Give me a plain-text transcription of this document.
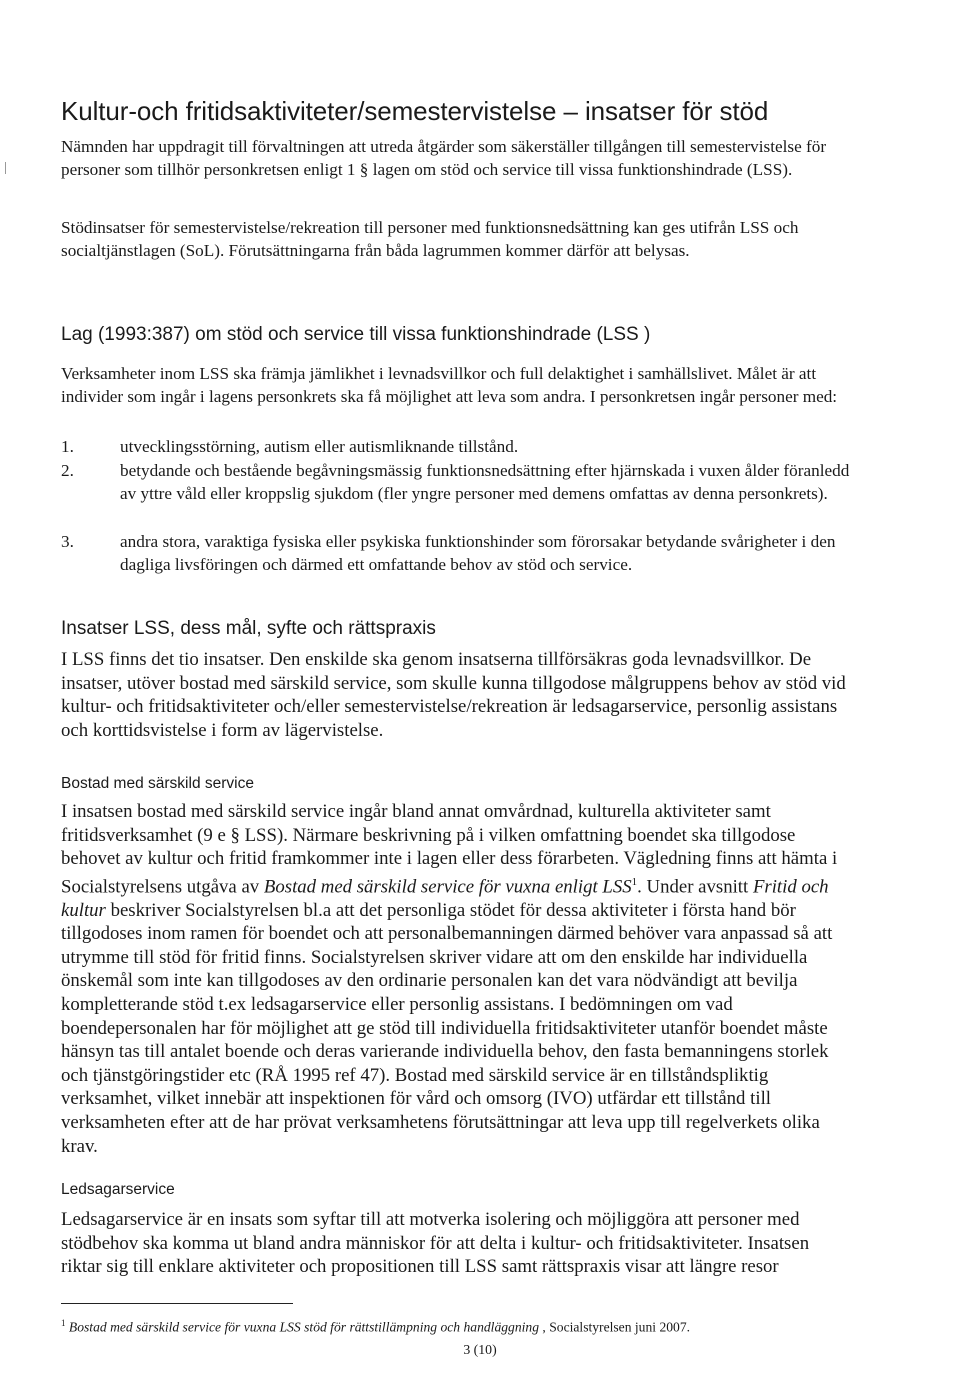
Kultur-och fritidsaktiviteter/semestervistelse – insatser för stöd

Nämnden har uppdragit till förvaltningen att utreda åtgärder som säkerställer tillgången till semestervistelse för personer som tillhör personkretsen enligt 1 § lagen om stöd och service till vissa funktionshindrade (LSS).

Stödinsatser för semestervistelse/rekreation till personer med funktionsnedsättning kan ges utifrån LSS och socialtjänstlagen (SoL). Förutsättningarna från båda lagrummen kommer därför att belysas.

Lag (1993:387) om stöd och service till vissa funktionshindrade (LSS )

Verksamheter inom LSS ska främja jämlikhet i levnadsvillkor och full delaktighet i samhällslivet. Målet är att individer som ingår i lagens personkrets ska få möjlighet att leva som andra. I personkretsen ingår personer med:

1.	utvecklingsstörning, autism eller autismliknande tillstånd.
2.	betydande och bestående begåvningsmässig funktionsnedsättning efter hjärnskada i vuxen ålder föranledd av yttre våld eller kroppslig sjukdom (fler yngre personer med demens omfattas av denna personkrets).
3.	andra stora, varaktiga fysiska eller psykiska funktionshinder som förorsakar betydande svårigheter i den dagliga livsföringen och därmed ett omfattande behov av stöd och service.
Insatser LSS, dess mål, syfte och rättspraxis

I LSS finns det tio insatser. Den enskilde ska genom insatserna tillförsäkras goda levnadsvillkor. De insatser, utöver bostad med särskild service, som skulle kunna tillgodose målgruppens behov av stöd vid kultur- och fritidsaktiviteter och/eller semestervistelse/rekreation är ledsagarservice, personlig assistans och korttidsvistelse i form av lägervistelse.

Bostad med särskild service

I insatsen bostad med särskild service ingår bland annat omvårdnad, kulturella aktiviteter samt fritidsverksamhet (9 e § LSS). Närmare beskrivning på i vilken omfattning boendet ska tillgodose behovet av kultur och fritid framkommer inte i lagen eller dess förarbeten. Vägledning finns att hämta i Socialstyrelsens utgåva av Bostad med särskild service för vuxna enligt LSS$^1$. Under avsnitt Fritid och kultur beskriver Socialstyrelsen bl.a att det personliga stödet för dessa aktiviteter i första hand bör tillgodoses inom ramen för boendet och att personalbemanningen därmed behöver vara anpassad så att utrymme till stöd för fritid finns. Socialstyrelsen skriver vidare att om den enskilde har individuella önskemål som inte kan tillgodoses av den ordinarie personalen kan det vara nödvändigt att bevilja kompletterande stöd t.ex ledsagarservice eller personlig assistans. I bedömningen om vad boendepersonalen har för möjlighet att ge stöd till individuella fritidsaktiviteter utanför boendet måste hänsyn tas till antalet boende och deras varierande individuella behov, den fasta bemanningens storlek och tjänstgöringstider etc (RÅ 1995 ref 47). Bostad med särskild service är en tillståndspliktig verksamhet, vilket innebär att inspektionen för vård och omsorg (IVO) utfärdar ett tillstånd till verksamheten efter att de har prövat verksamhetens förutsättningar att leva upp till regelverkets olika krav.

Ledsagarservice

Ledsagarservice är en insats som syftar till att motverka isolering och möjliggöra att personer med stödbehov ska komma ut bland andra människor för att delta i kultur- och fritidsaktiviteter. Insatsen riktar sig till enklare aktiviteter och propositionen till LSS samt rättspraxis visar att längre resor

$^1$ Bostad med särskild service för vuxna LSS stöd för rättstillämpning och handläggning , Socialstyrelsen juni 2007.
3 (10)
